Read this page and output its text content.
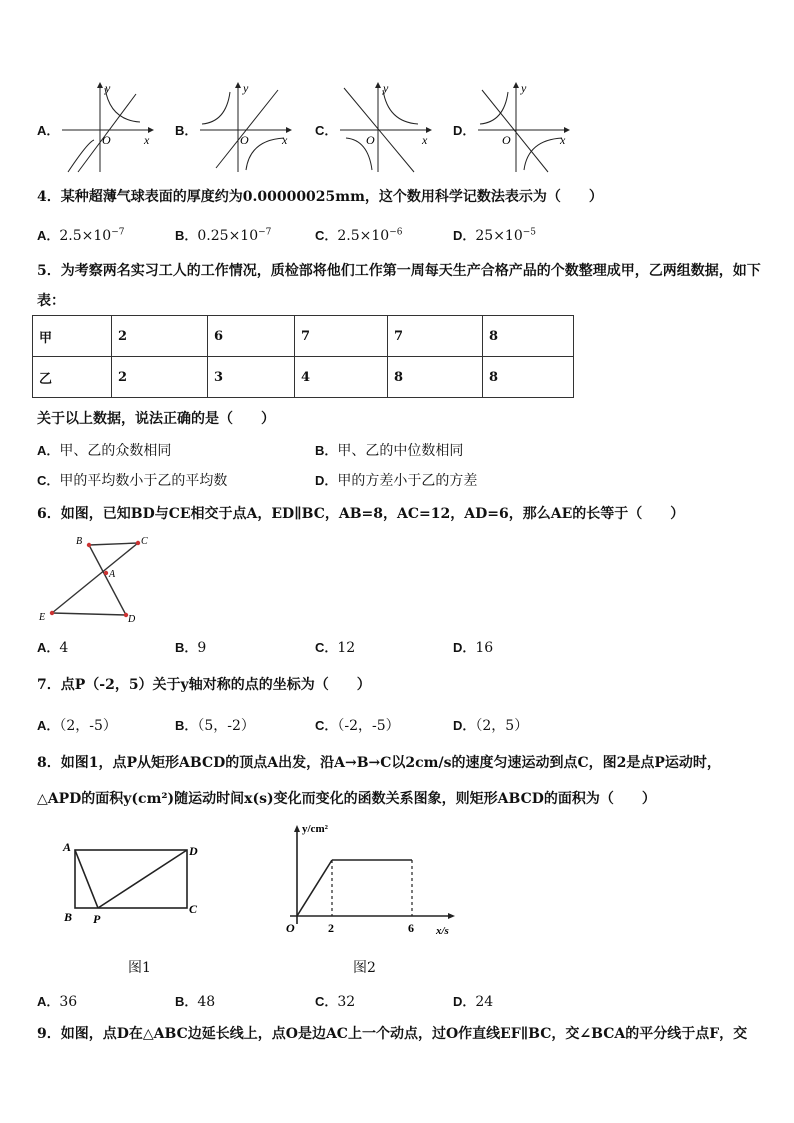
A．
y
x
O
B．
y
x
O
C．
y
x
O
D．
y
x
O
4．某种超薄气球表面的厚度约为0.00000025mm，这个数用科学记数法表示为（　　）
A．$2.5\times 10^{-7}$	B．$0.25\times 10^{-7}$	C．$2.5\times 10^{-6}$	D．$25\times 10^{-5}$
5．为考察两名实习工人的工作情况，质检部将他们工作第一周每天生产合格产品的个数整理成甲，乙两组数据，如下
表：
甲	2	6	7	7	8
乙	2	3	4	8	8
关于以上数据，说法正确的是（　　）
A．甲、乙的众数相同	B．甲、乙的中位数相同
C．甲的平均数小于乙的平均数	D．甲的方差小于乙的方差
6．如图，已知BD与CE相交于点A，ED∥BC，AB=8，AC=12，AD=6，那么AE的长等于（　　）
B	C
A
E	D
A．4	B．9	C．12	D．16
7．点P（-2，5）关于y轴对称的点的坐标为（　　）
A．（2，-5）	B．（5，-2）	C．（-2，-5）	D．（2，5）
8．如图1，点P从矩形ABCD的顶点A出发，沿A→B→C以2cm/s的速度匀速运动到点C，图2是点P运动时，
△APD的面积y(cm²)随运动时间x(s)变化而变化的函数关系图象，则矩形ABCD的面积为（　　）
A
B P
C
D
图1
y/cm²
O	2	6 x/s
图2
A．36	B．48	C．32	D．24
9．如图，点D在△ABC边延长线上，点O是边AC上一个动点，过O作直线EF∥BC，交∠BCA的平分线于点F，交
